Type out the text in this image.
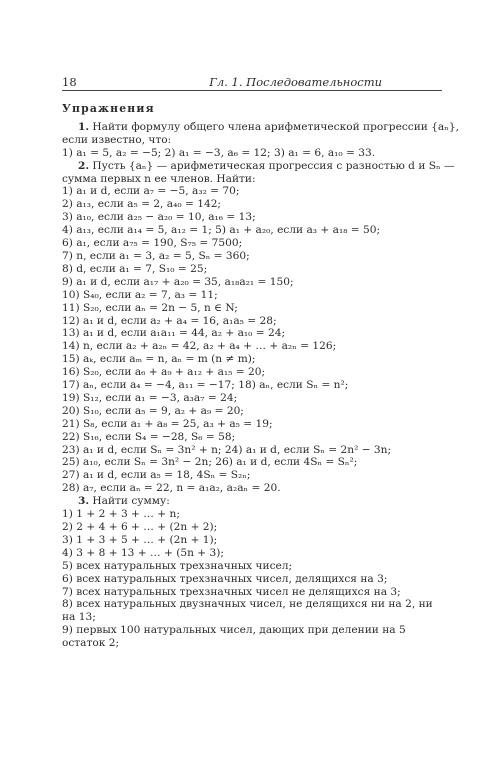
18	Гл. 1. Последовательности
Упражнения
1. Найти формулу общего члена арифметической прогрессии {aₙ},
если известно, что:
1) a₁ = 5, a₂ = −5; 2) a₁ = −3, a₆ = 12; 3) a₁ = 6, a₁₀ = 33.
2. Пусть {aₙ} — арифметическая прогрессия с разностью d и Sₙ —
сумма первых n ее членов. Найти:
1) a₁ и d, если a₇ = −5, a₃₂ = 70;
2) a₁₃, если a₅ = 2, a₄₀ = 142;
3) a₁₀, если a₂₅ − a₂₀ = 10, a₁₆ = 13;
4) a₁₃, если a₁₄ = 5, a₁₂ = 1; 5) a₁ + a₂₀, если a₃ + a₁₈ = 50;
6) a₁, если a₇₅ = 190, S₇₅ = 7500;
7) n, если a₁ = 3, a₂ = 5, Sₙ = 360;
8) d, если a₁ = 7, S₁₀ = 25;
9) a₁ и d, если a₁₇ + a₂₀ = 35, a₁₈a₂₁ = 150;
10) S₄₀, если a₂ = 7, a₃ = 11;
11) S₂₀, если aₙ = 2n − 5, n ∈ N;
12) a₁ и d, если a₂ + a₄ = 16, a₁a₅ = 28;
13) a₁ и d, если a₁a₁₁ = 44, a₂ + a₁₀ = 24;
14) n, если a₂ + a₂ₙ = 42, a₂ + a₄ + … + a₂ₙ = 126;
15) aₖ, если aₘ = n, aₙ = m (n ≠ m);
16) S₂₀, если a₆ + a₉ + a₁₂ + a₁₅ = 20;
17) aₙ, если a₄ = −4, a₁₁ = −17; 18) aₙ, если Sₙ = n²;
19) S₁₂, если a₁ = −3, a₃a₇ = 24;
20) S₁₀, если a₅ = 9, a₂ + a₉ = 20;
21) S₈, если a₁ + a₈ = 25, a₃ + a₅ = 19;
22) S₁₆, если S₄ = −28, S₆ = 58;
23) a₁ и d, если Sₙ = 3n² + n; 24) a₁ и d, если Sₙ = 2n² − 3n;
25) a₁₀, если Sₙ = 3n² − 2n; 26) a₁ и d, если 4Sₙ = Sₙ²;
27) a₁ и d, если a₅ = 18, 4Sₙ = S₂ₙ;
28) a₇, если aₙ = 22, n = a₁a₂, a₂aₙ = 20.
3. Найти сумму:
1) 1 + 2 + 3 + … + n;
2) 2 + 4 + 6 + … + (2n + 2);
3) 1 + 3 + 5 + … + (2n + 1);
4) 3 + 8 + 13 + … + (5n + 3);
5) всех натуральных трехзначных чисел;
6) всех натуральных трехзначных чисел, делящихся на 3;
7) всех натуральных трехзначных чисел не делящихся на 3;
8) всех натуральных двузначных чисел, не делящихся ни на 2, ни
на 13;
9) первых 100 натуральных чисел, дающих при делении на 5
остаток 2;
